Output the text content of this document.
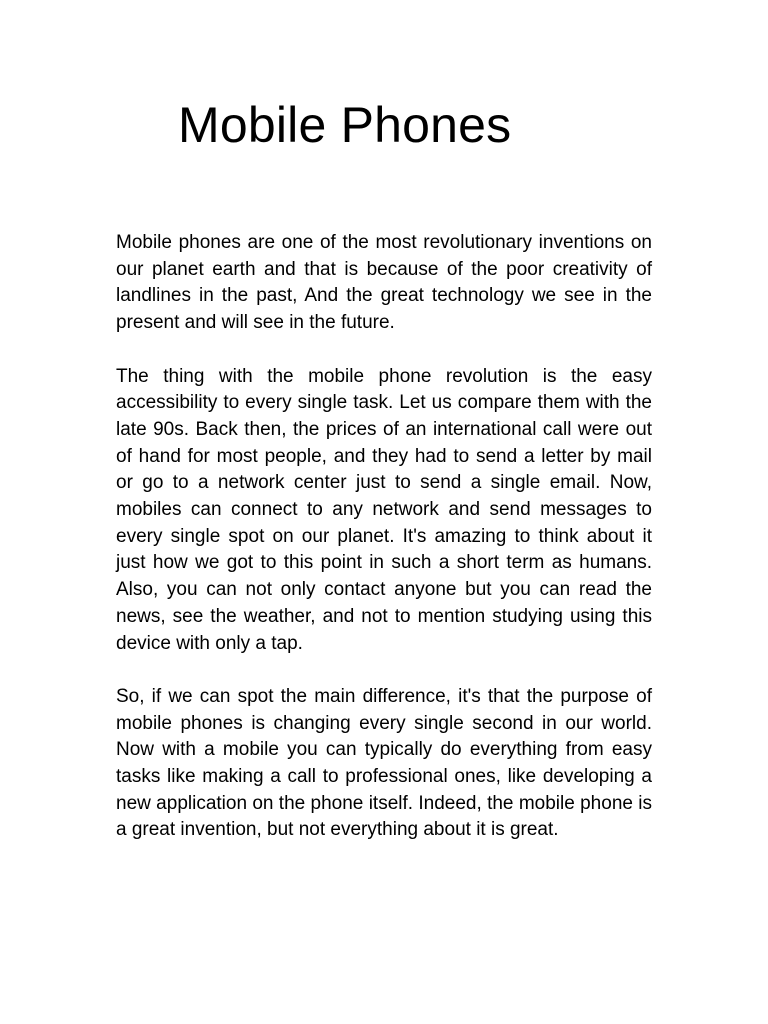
Mobile Phones

Mobile phones are one of the most revolutionary inventions on our planet earth and that is because of the poor creativity of landlines in the past, And the great technology we see in the present and will see in the future.

The thing with the mobile phone revolution is the easy accessibility to every single task. Let us compare them with the late 90s. Back then, the prices of an international call were out of hand for most people, and they had to send a letter by mail or go to a network center just to send a single email. Now, mobiles can connect to any network and send messages to every single spot on our planet. It's amazing to think about it just how we got to this point in such a short term as humans. Also, you can not only contact anyone but you can read the news, see the weather, and not to mention studying using this device with only a tap.

So, if we can spot the main difference, it's that the purpose of mobile phones is changing every single second in our world. Now with a mobile you can typically do everything from easy tasks like making a call to professional ones, like developing a new application on the phone itself. Indeed, the mobile phone is a great invention, but not everything about it is great.
